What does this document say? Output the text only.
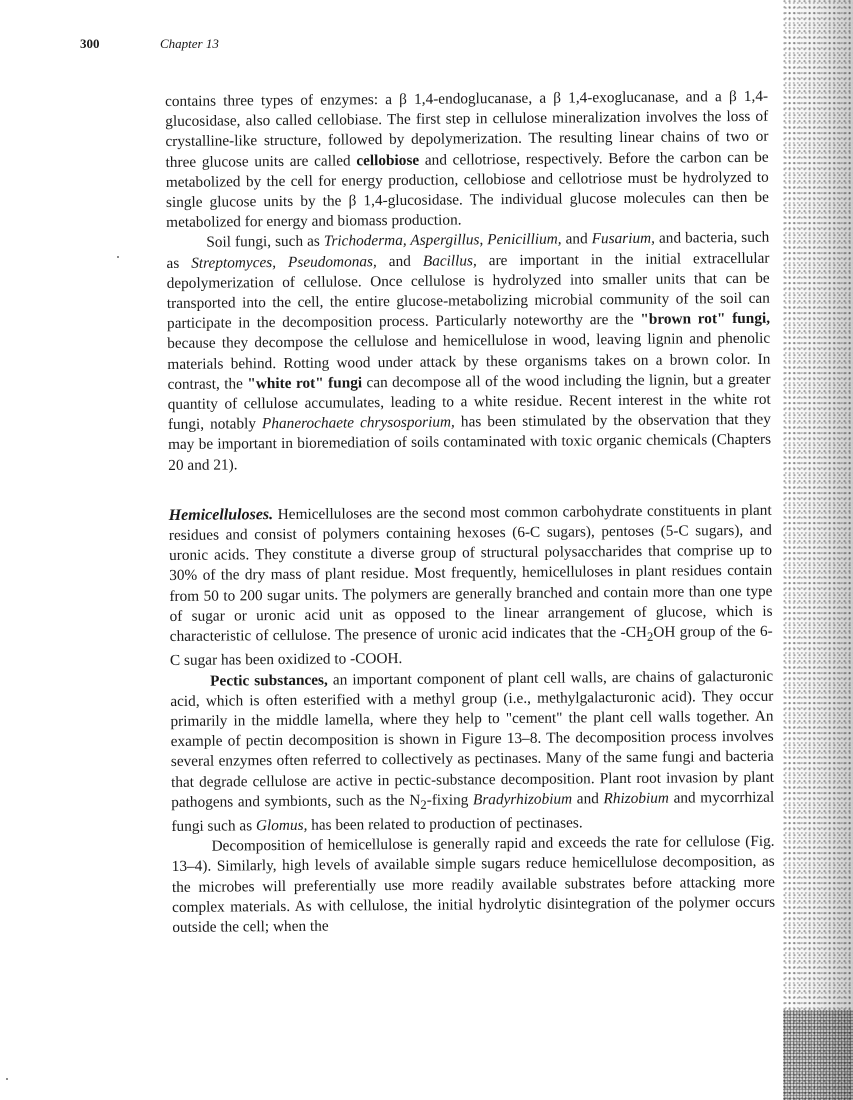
300	Chapter 13

contains three types of enzymes: a β 1,4-endoglucanase, a β 1,4-exoglucanase, and a β 1,4-glucosidase, also called cellobiase. The first step in cellulose mineralization involves the loss of crystalline-like structure, followed by depolymerization. The resulting linear chains of two or three glucose units are called cellobiose and cellotriose, respectively. Before the carbon can be metabolized by the cell for energy production, cellobiose and cellotriose must be hydrolyzed to single glucose units by the β 1,4-glucosidase. The individual glucose molecules can then be metabolized for energy and biomass production.

Soil fungi, such as Trichoderma, Aspergillus, Penicillium, and Fusarium, and bacteria, such as Streptomyces, Pseudomonas, and Bacillus, are important in the initial extracellular depolymerization of cellulose. Once cellulose is hydrolyzed into smaller units that can be transported into the cell, the entire glucose-metabolizing microbial community of the soil can participate in the decomposition process. Particularly noteworthy are the "brown rot" fungi, because they decompose the cellulose and hemicellulose in wood, leaving lignin and phenolic materials behind. Rotting wood under attack by these organisms takes on a brown color. In contrast, the "white rot" fungi can decompose all of the wood including the lignin, but a greater quantity of cellulose accumulates, leading to a white residue. Recent interest in the white rot fungi, notably Phanerochaete chrysosporium, has been stimulated by the observation that they may be important in bioremediation of soils contaminated with toxic organic chemicals (Chapters 20 and 21).

Hemicelluloses. Hemicelluloses are the second most common carbohydrate constituents in plant residues and consist of polymers containing hexoses (6-C sugars), pentoses (5-C sugars), and uronic acids. They constitute a diverse group of structural polysaccharides that comprise up to 30% of the dry mass of plant residue. Most frequently, hemicelluloses in plant residues contain from 50 to 200 sugar units. The polymers are generally branched and contain more than one type of sugar or uronic acid unit as opposed to the linear arrangement of glucose, which is characteristic of cellulose. The presence of uronic acid indicates that the $-CH_2OH$ group of the 6-C sugar has been oxidized to -COOH.

Pectic substances, an important component of plant cell walls, are chains of galacturonic acid, which is often esterified with a methyl group (i.e., methylgalacturonic acid). They occur primarily in the middle lamella, where they help to "cement" the plant cell walls together. An example of pectin decomposition is shown in Figure 13–8. The decomposition process involves several enzymes often referred to collectively as pectinases. Many of the same fungi and bacteria that degrade cellulose are active in pectic-substance decomposition. Plant root invasion by plant pathogens and symbionts, such as the $N_2$-fixing Bradyrhizobium and Rhizobium and mycorrhizal fungi such as Glomus, has been related to production of pectinases.

Decomposition of hemicellulose is generally rapid and exceeds the rate for cellulose (Fig. 13–4). Similarly, high levels of available simple sugars reduce hemicellulose decomposition, as the microbes will preferentially use more readily available substrates before attacking more complex materials. As with cellulose, the initial hydrolytic disintegration of the polymer occurs outside the cell; when the
